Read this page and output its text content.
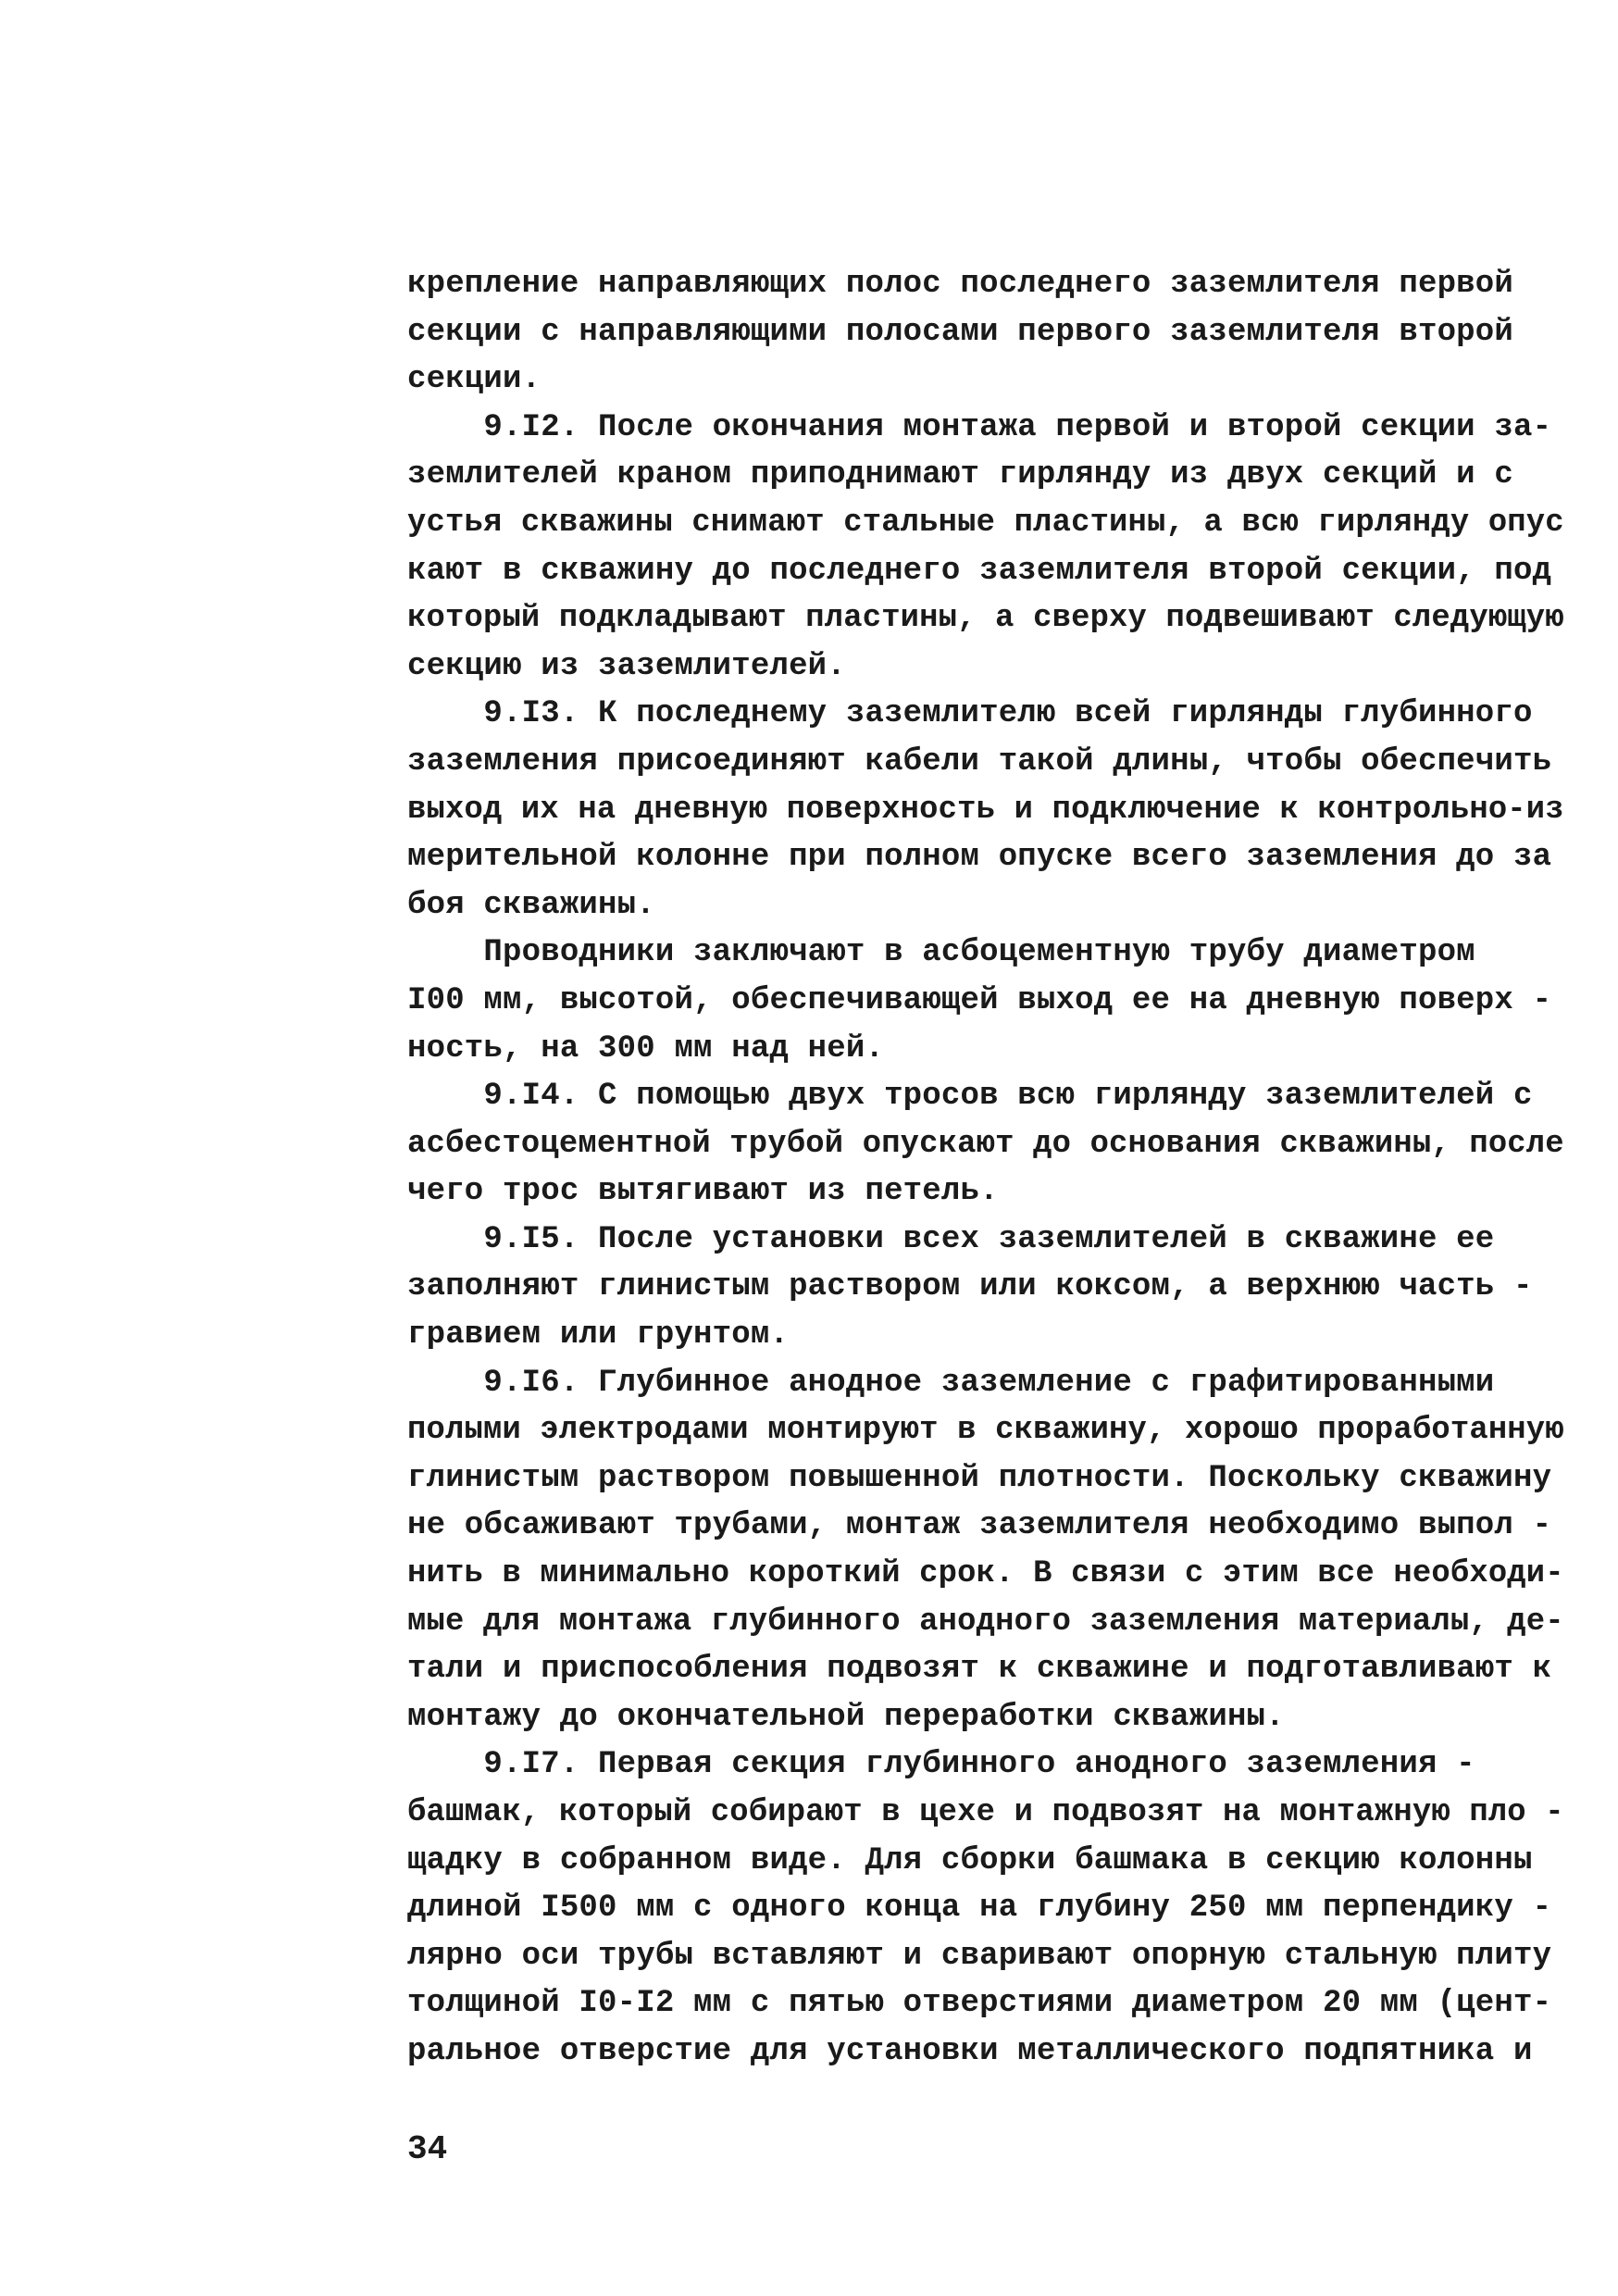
крепление направляющих полос последнего заземлителя первой
секции с направляющими полосами первого заземлителя второй
секции.
9.I2. После окончания монтажа первой и второй секции за-
землителей краном приподнимают гирлянду из двух секций и с
устья скважины снимают стальные пластины, а всю гирлянду опус
кают в скважину до последнего заземлителя второй секции, под
который подкладывают пластины, а сверху подвешивают следующую
секцию из заземлителей.
9.I3. К последнему заземлителю всей гирлянды глубинного
заземления присоединяют кабели такой длины, чтобы обеспечить
выход их на дневную поверхность и подключение к контрольно-из
мерительной колонне при полном опуске всего заземления до за
боя скважины.
Проводники заключают в асбоцементную трубу диаметром
I00 мм, высотой, обеспечивающей выход ее на дневную поверх -
ность, на 300 мм над ней.
9.I4. С помощью двух тросов всю гирлянду заземлителей с
асбестоцементной трубой опускают до основания скважины, после
чего трос вытягивают из петель.
9.I5. После установки всех заземлителей в скважине ее
заполняют глинистым раствором или коксом, а верхнюю часть -
гравием или грунтом.
9.I6. Глубинное анодное заземление с графитированными
полыми электродами монтируют в скважину, хорошо проработанную
глинистым раствором повышенной плотности. Поскольку скважину
не обсаживают трубами, монтаж заземлителя необходимо выпол -
нить в минимально короткий срок. В связи с этим все необходи-
мые для монтажа глубинного анодного заземления материалы, де-
тали и приспособления подвозят к скважине и подготавливают к
монтажу до окончательной переработки скважины.
9.I7. Первая секция глубинного анодного заземления -
башмак, который собирают в цехе и подвозят на монтажную пло -
щадку в собранном виде. Для сборки башмака в секцию колонны
длиной I500 мм с одного конца на глубину 250 мм перпендику -
лярно оси трубы вставляют и сваривают опорную стальную плиту
толщиной I0-I2 мм с пятью отверстиями диаметром 20 мм (цент-
ральное отверстие для установки металлического подпятника и
34
